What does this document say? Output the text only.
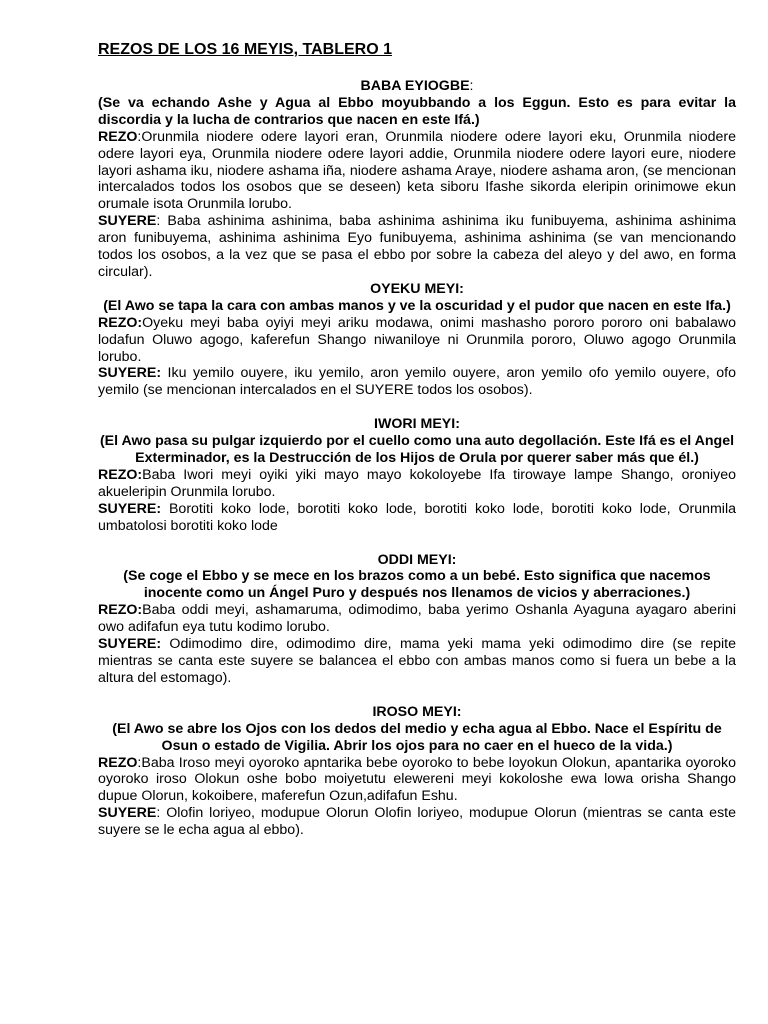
REZOS DE LOS 16 MEYIS, TABLERO 1

BABA EYIOGBE:

(Se va echando Ashe y Agua al Ebbo moyubbando a los Eggun. Esto es para evitar la discordia y la lucha de contrarios que nacen en este Ifá.)

REZO:Orunmila niodere odere layori eran, Orunmila niodere odere layori eku, Orunmila niodere odere layori eya, Orunmila niodere odere layori addie, Orunmila niodere odere layori eure, niodere layori ashama iku, niodere ashama iña, niodere ashama Araye, niodere ashama aron, (se mencionan intercalados todos los osobos que se deseen) keta siboru Ifashe sikorda eleripin orinimowe ekun orumale isota Orunmila lorubo.

SUYERE: Baba ashinima ashinima, baba ashinima ashinima iku funibuyema, ashinima ashinima aron funibuyema, ashinima ashinima Eyo funibuyema, ashinima ashinima (se van mencionando todos los osobos, a la vez que se pasa el ebbo por sobre la cabeza del aleyo y del awo, en forma circular).

OYEKU MEYI:

(El Awo se tapa la cara con ambas manos y ve la oscuridad y el pudor que nacen en este Ifa.)

REZO:Oyeku meyi baba oyiyi meyi ariku modawa, onimi mashasho pororo pororo oni babalawo lodafun Oluwo agogo, kaferefun Shango niwaniloye ni Orunmila pororo, Oluwo agogo Orunmila lorubo.

SUYERE: Iku yemilo ouyere, iku yemilo, aron yemilo ouyere, aron yemilo ofo yemilo ouyere, ofo yemilo (se mencionan intercalados en el SUYERE todos los osobos).

IWORI MEYI:

(El Awo pasa su pulgar izquierdo por el cuello como una auto degollación. Este Ifá es el Angel Exterminador, es la Destrucción de los Hijos de Orula por querer saber más que él.)

REZO:Baba Iwori meyi oyiki yiki mayo mayo kokoloyebe Ifa tirowaye lampe Shango, oroniyeo akueleripin Orunmila lorubo.

SUYERE: Borotiti koko lode, borotiti koko lode, borotiti koko lode, borotiti koko lode, Orunmila umbatolosi borotiti koko lode

ODDI MEYI:

(Se coge el Ebbo y se mece en los brazos como a un bebé. Esto significa que nacemos inocente como un Ángel Puro y después nos llenamos de vicios y aberraciones.)

REZO:Baba oddi meyi, ashamaruma, odimodimo, baba yerimo Oshanla Ayaguna ayagaro aberini owo adifafun eya tutu kodimo lorubo.

SUYERE: Odimodimo dire, odimodimo dire, mama yeki mama yeki odimodimo dire (se repite mientras se canta este suyere se balancea el ebbo con ambas manos como si fuera un bebe a la altura del estomago).

IROSO MEYI:

(El Awo se abre los Ojos con los dedos del medio y echa agua al Ebbo. Nace el Espíritu de Osun o estado de Vigilia. Abrir los ojos para no caer en el hueco de la vida.)

REZO:Baba Iroso meyi oyoroko apntarika bebe oyoroko to bebe loyokun Olokun, apantarika oyoroko oyoroko iroso Olokun oshe bobo moiyetutu elewereni meyi kokoloshe ewa lowa orisha Shango dupue Olorun, kokoibere, maferefun Ozun,adifafun Eshu.

SUYERE: Olofin loriyeo, modupue Olorun Olofin loriyeo, modupue Olorun (mientras se canta este suyere se le echa agua al ebbo).
